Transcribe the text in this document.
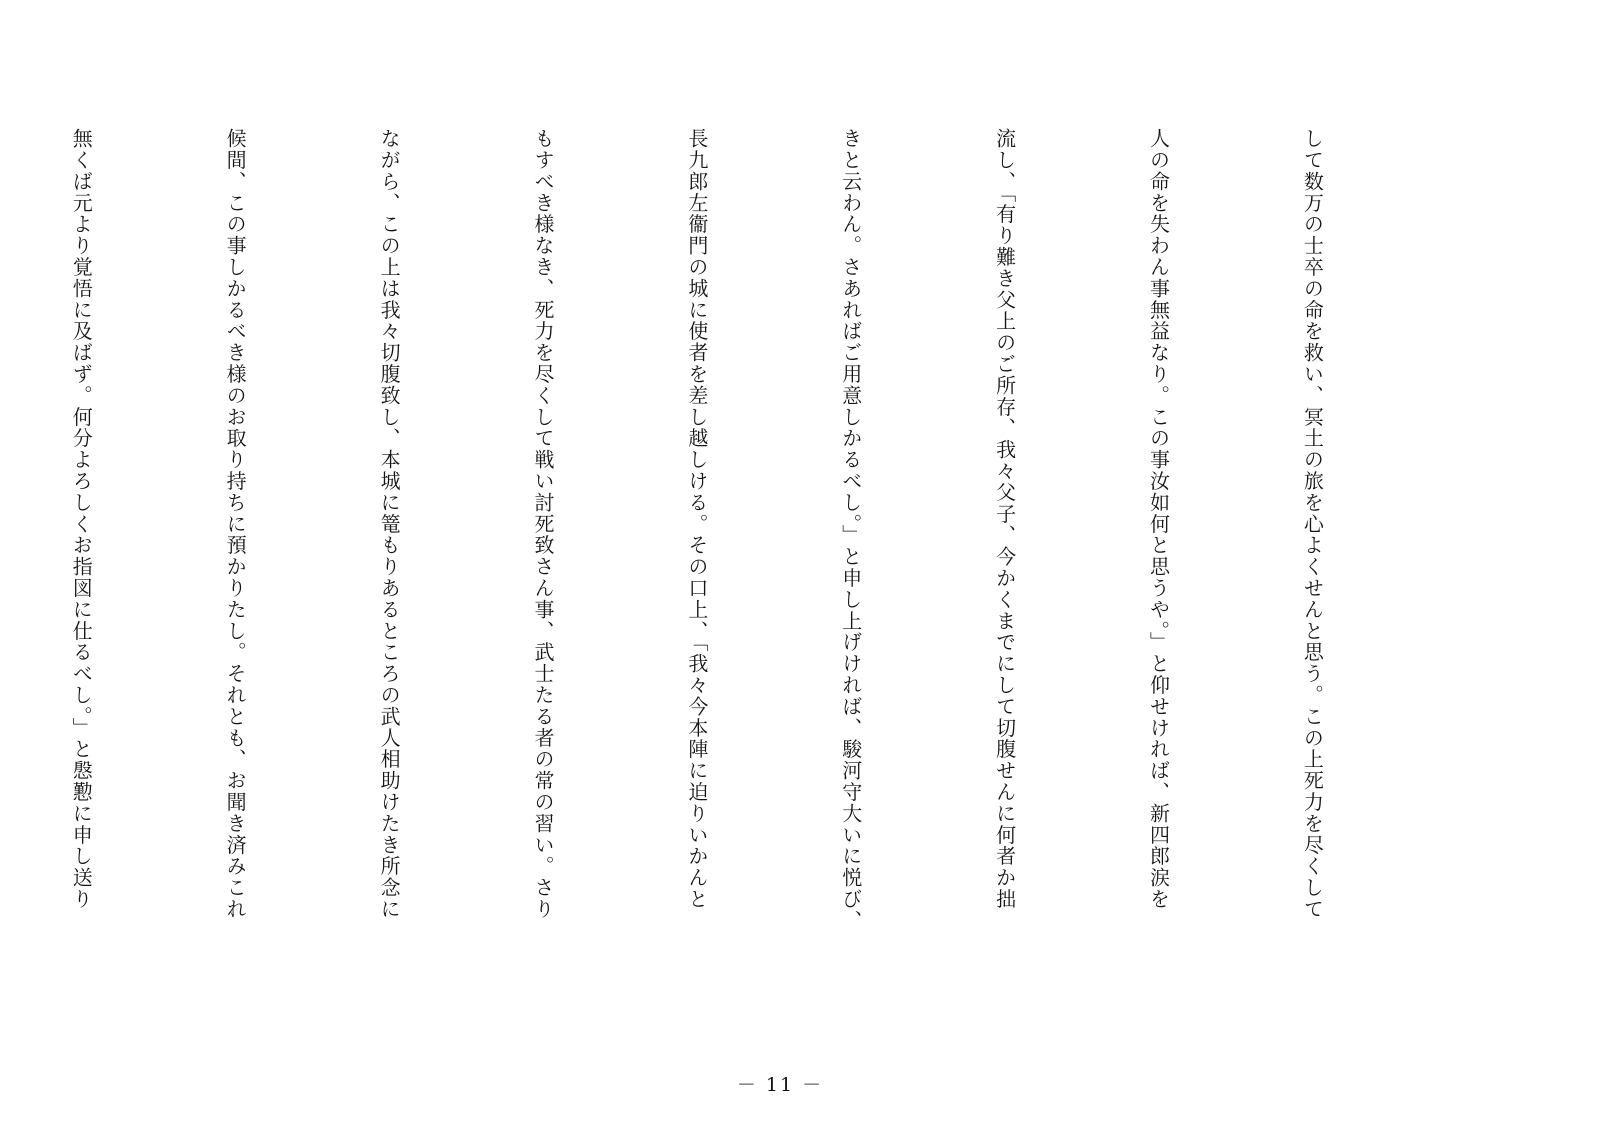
して数万の士卒の命を救い、冥土の旅を心よくせんと思う。この上死力を尽くして

人の命を失わん事無益なり。この事汝如何と思うや。」と仰せければ、新四郎涙を

流し、「有り難き父上のご所存、我々父子、今かくまでにして切腹せんに何者か拙

きと云わん。さあればご用意しかるべし。」と申し上げければ、駿河守大いに悦び、

長九郎左衞門の城に使者を差し越しける。その口上、「我々今本陣に迫りいかんと

もすべき様なき、死力を尽くして戦い討死致さん事、武士たる者の常の習い。さり

ながら、この上は我々切腹致し、本城に篭もりあるところの武人相助けたき所念に

候間、この事しかるべき様のお取り持ちに預かりたし。それとも、お聞き済みこれ

無くば元より覚悟に及ばず。何分よろしくお指図に仕るべし。」と慇懃に申し送り

－ 11 －
